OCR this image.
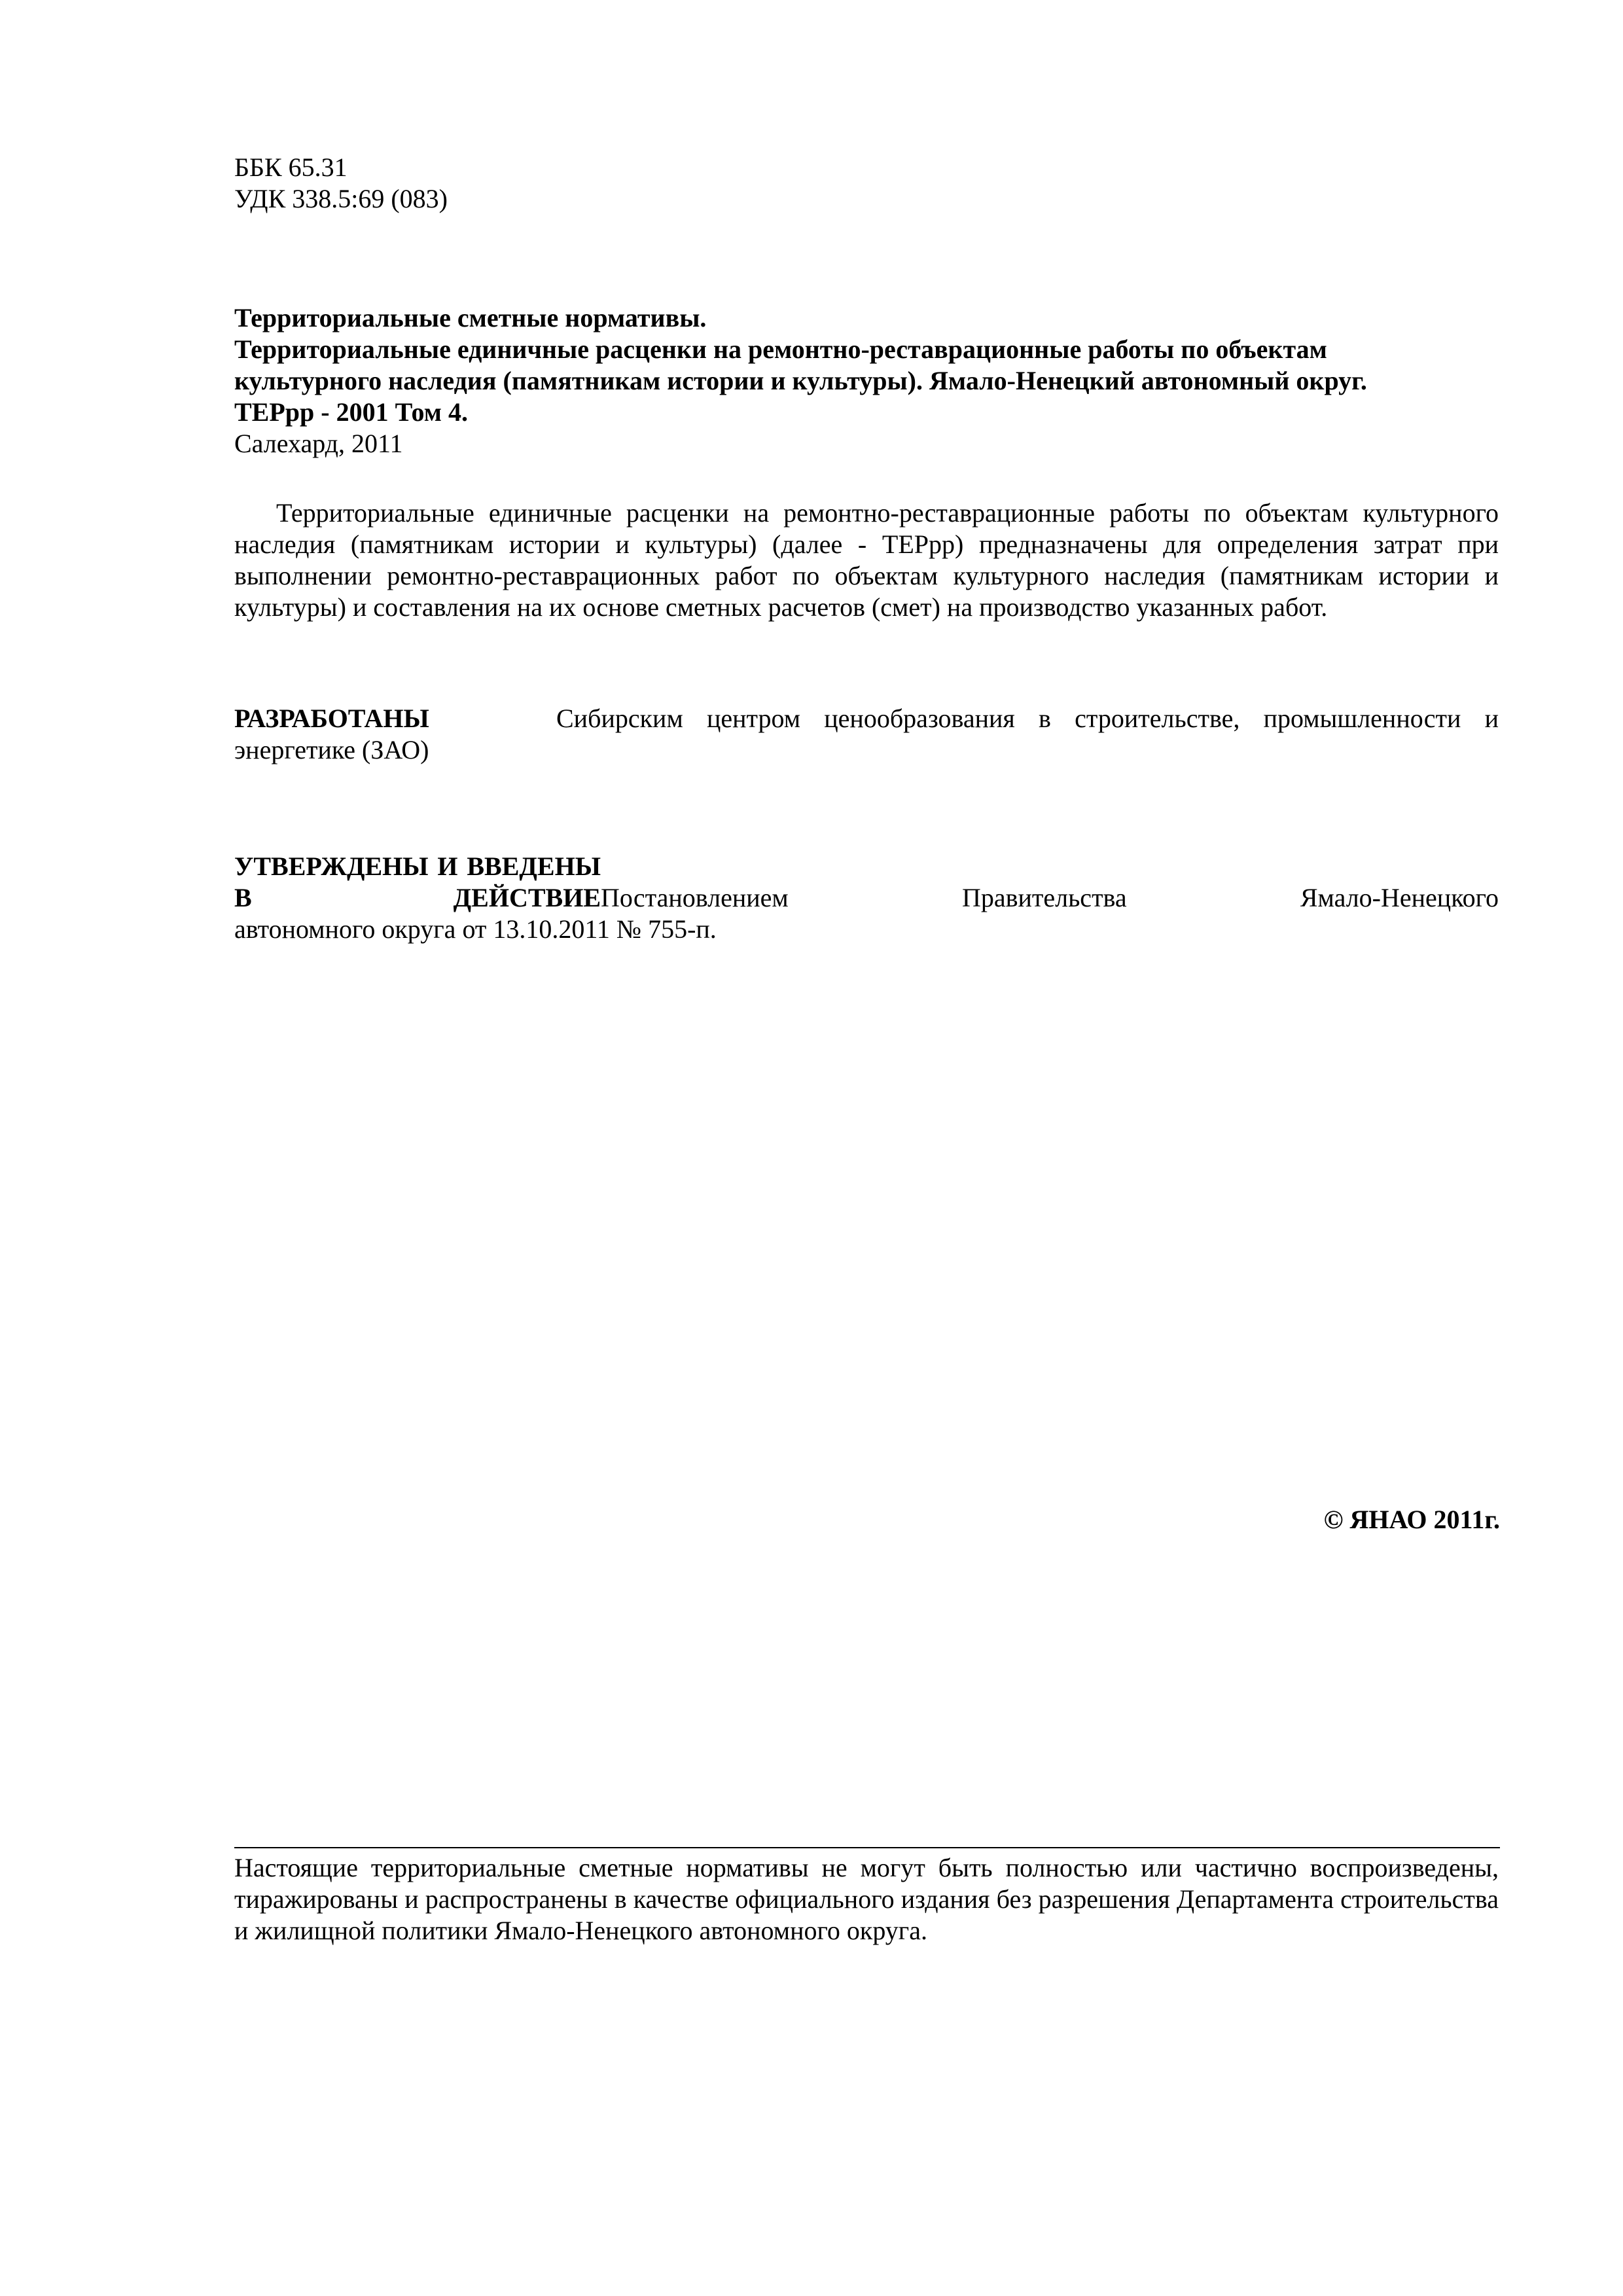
ББК 65.31
УДК 338.5:69 (083)
Территориальные сметные нормативы.
Территориальные единичные расценки на ремонтно-реставрационные работы по объектам
культурного наследия (памятникам истории и культуры). Ямало-Ненецкий автономный округ.
ТЕРрр - 2001 Том 4.
Салехард, 2011
Территориальные единичные расценки на ремонтно-реставрационные работы по объектам культурного наследия (памятникам истории и культуры) (далее - ТЕРрр) предназначены для определения затрат при выполнении ремонтно-реставрационных работ по объектам культурного наследия (памятникам истории и культуры) и составления на их основе сметных расчетов (смет) на производство указанных работ.
РАЗРАБОТАНЫ	Сибирским центром ценообразования в строительстве, промышленности и
энергетике (ЗАО)
УТВЕРЖДЕНЫ И ВВЕДЕНЫ В ДЕЙСТВИЕПостановлением Правительства Ямало-Ненецкого
автономного округа от 13.10.2011 № 755-п.
© ЯНАО 2011г.
Настоящие территориальные сметные нормативы не могут быть полностью или частично воспроизведены, тиражированы и распространены в качестве официального издания без разрешения Департамента строительства и жилищной политики Ямало-Ненецкого автономного округа.
